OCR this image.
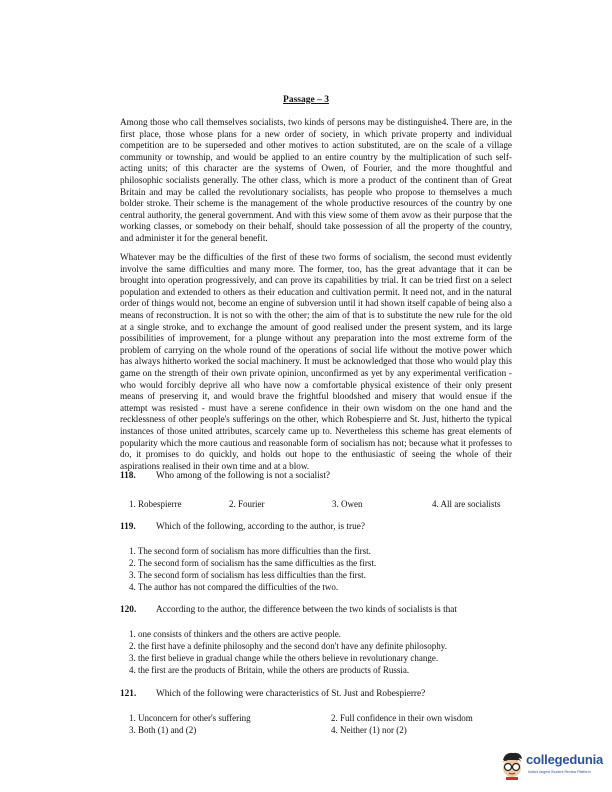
Passage – 3

Among those who call themselves socialists, two kinds of persons may be distinguishe4. There are, in the first place, those whose plans for a new order of society, in which private property and individual competition are to be superseded and other motives to action substituted, are on the scale of a village community or township, and would be applied to an entire country by the multiplication of such self-acting units; of this character are the systems of Owen, of Fourier, and the more thoughtful and philosophic socialists generally. The other class, which is more a product of the continent than of Great Britain and may be called the revolutionary socialists, has people who propose to themselves a much bolder stroke. Their scheme is the management of the whole productive resources of the country by one central authority, the general government. And with this view some of them avow as their purpose that the working classes, or somebody on their behalf, should take possession of all the property of the country, and administer it for the general benefit.

Whatever may be the difficulties of the first of these two forms of socialism, the second must evidently involve the same difficulties and many more. The former, too, has the great advantage that it can be brought into operation progressively, and can prove its capabilities by trial. It can be tried first on a select population and extended to others as their education and cultivation permit. It need not, and in the natural order of things would not, become an engine of subversion until it had shown itself capable of being also a means of reconstruction. It is not so with the other; the aim of that is to substitute the new rule for the old at a single stroke, and to exchange the amount of good realised under the present system, and its large possibilities of improvement, for a plunge without any preparation into the most extreme form of the problem of carrying on the whole round of the operations of social life without the motive power which has always hitherto worked the social machinery. It must be acknowledged that those who would play this game on the strength of their own private opinion, unconfirmed as yet by any experimental verification - who would forcibly deprive all who have now a comfortable physical existence of their only present means of preserving it, and would brave the frightful bloodshed and misery that would ensue if the attempt was resisted - must have a serene confidence in their own wisdom on the one hand and the recklessness of other people's sufferings on the other, which Robespierre and St. Just, hitherto the typical instances of those united attributes, scarcely came up to. Nevertheless this scheme has great elements of popularity which the more cautious and reasonable form of socialism has not; because what it professes to do, it promises to do quickly, and holds out hope to the enthusiastic of seeing the whole of their aspirations realised in their own time and at a blow.

118. Who among of the following is not a socialist?
1. Robespierre	2. Fourier	3. Owen	4. All are socialists
119. Which of the following, according to the author, is true?
1. The second form of socialism has more difficulties than the first.
2. The second form of socialism has the same difficulties as the first.
3. The second form of socialism has less difficulties than the first.
4. The author has not compared the difficulties of the two.
120. According to the author, the difference between the two kinds of socialists is that
1. one consists of thinkers and the others are active people.
2. the first have a definite philosophy and the second don't have any definite philosophy.
3. the first believe in gradual change while the others believe in revolutionary change.
4. the first are the products of Britain, while the others are products of Russia.
121. Which of the following were characteristics of St. Just and Robespierre?
1. Unconcern for other's suffering	2. Full confidence in their own wisdom
3. Both (1) and (2)	4. Neither (1) nor (2)
collegedunia
India's largest Student Review Platform
